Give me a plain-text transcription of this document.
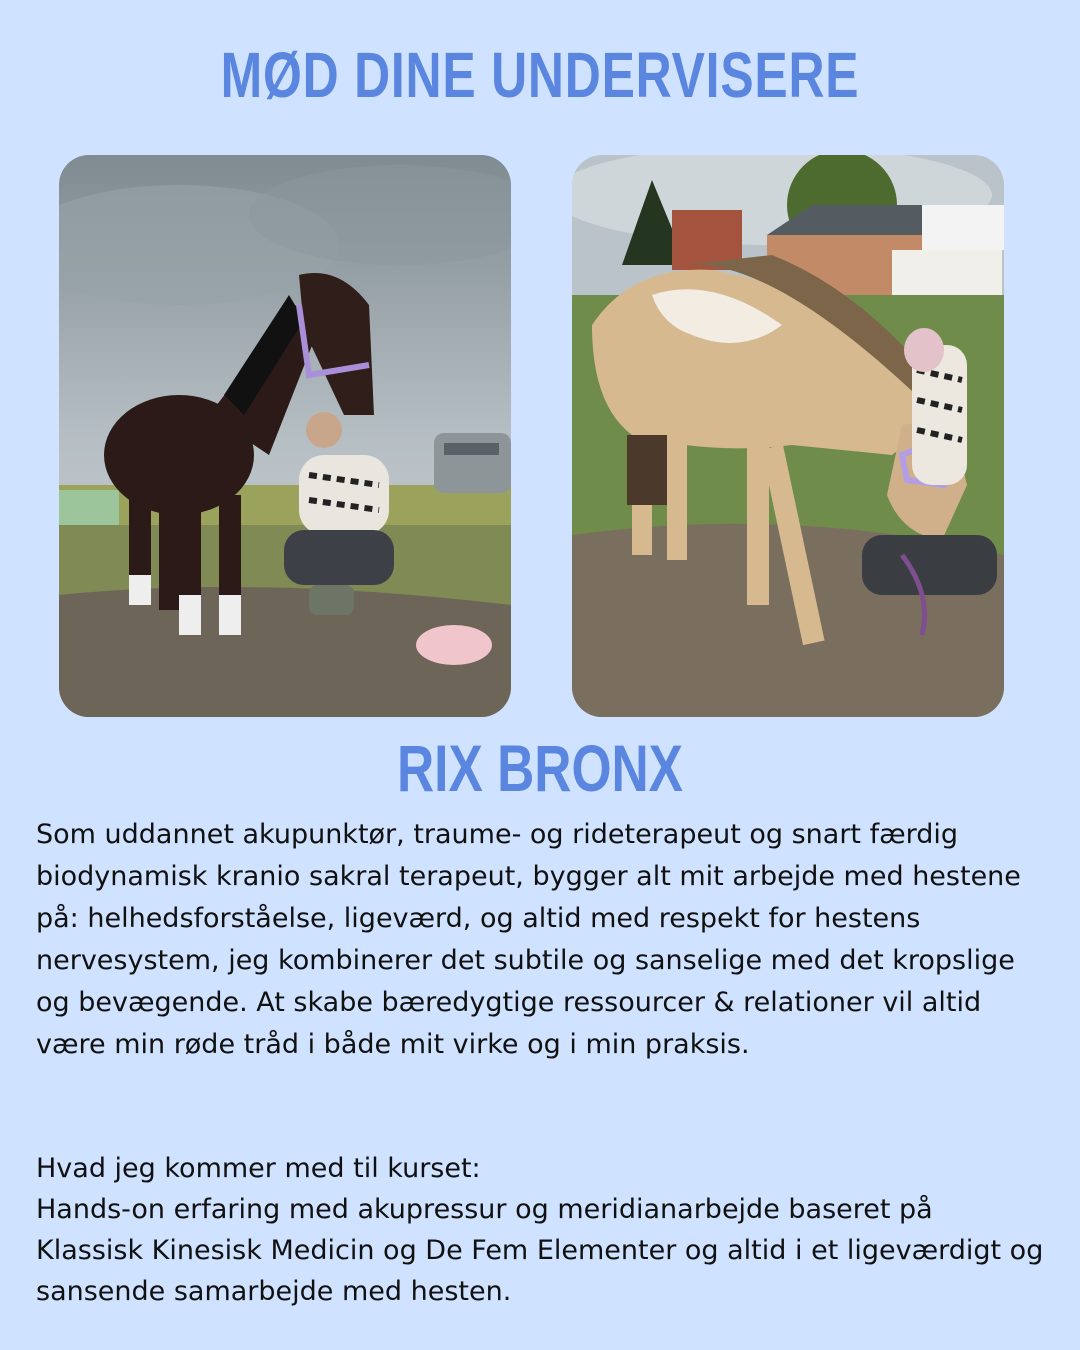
MØD DINE UNDERVISERE
RIX BRONX

Som uddannet akupunktør, traume- og rideterapeut og snart færdig biodynamisk kranio sakral terapeut, bygger alt mit arbejde med hestene på: helhedsforståelse, ligeværd, og altid med respekt for hestens nervesystem, jeg kombinerer det subtile og sanselige med det kropslige og bevægende. At skabe bæredygtige ressourcer & relationer vil altid være min røde tråd i både mit virke og i min praksis.

Hvad jeg kommer med til kurset:
Hands-on erfaring med akupressur og meridianarbejde baseret på Klassisk Kinesisk Medicin og De Fem Elementer og altid i et ligeværdigt og sansende samarbejde med hesten.
